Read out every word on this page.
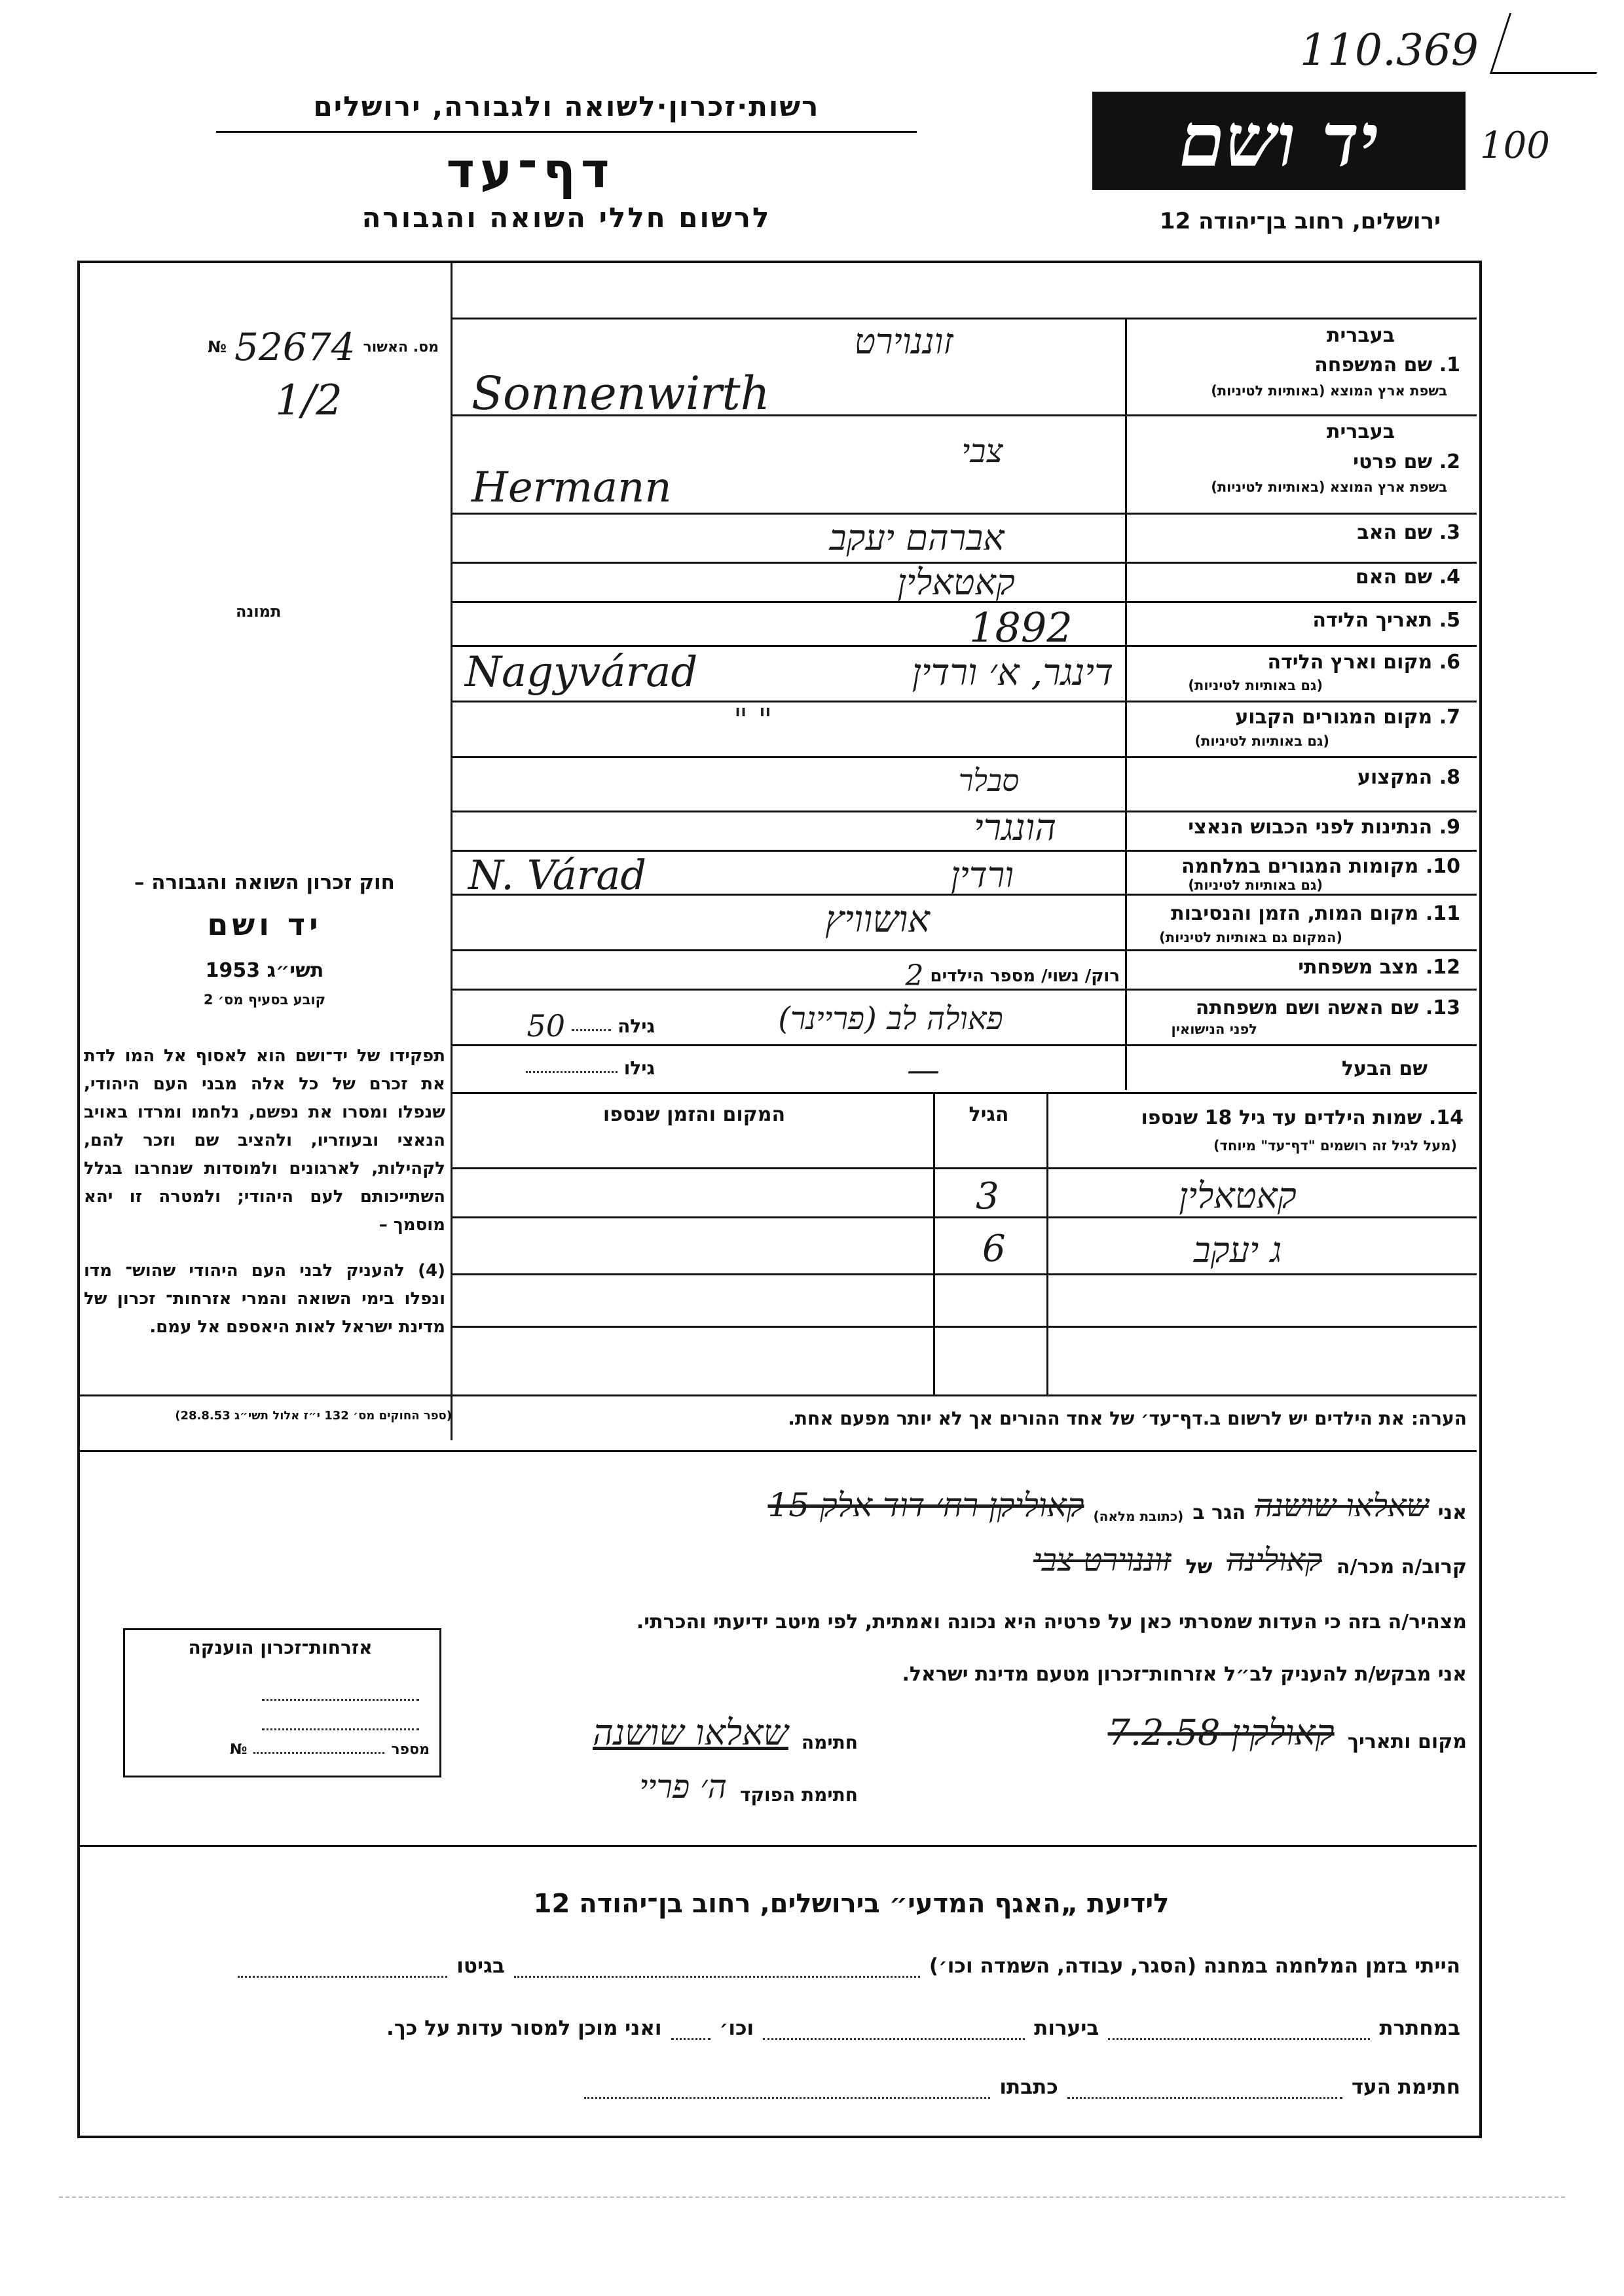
110.369
100
רשות·זכרון·לשואה ולגבורה, ירושלים
דף־עד
לרשום חללי השואה והגבורה
יד ושם
ירושלים, רחוב בן־יהודה 12
מס. האשור
52674
№
1/2
תמונה
חוק זכרון השואה והגבורה –
יד ושם
תשי״ג 1953
קובע בסעיף מס׳ 2
תפקידו של יד־ושם הוא לאסוף אל המו לדת את זכרם של כל אלה מבני העם היהודי, שנפלו ומסרו את נפשם, נלחמו ומרדו באויב הנאצי ובעוזריו, ולהציב שם וזכר להם, לקהילות, לארגונים ולמוסדות שנחרבו בגלל השתייכותם לעם היהודי; ולמטרה זו יהא מוסמך –
(4) להעניק לבני העם היהודי שהוש־ מדו ונפלו בימי השואה והמרי אזרחות־ זכרון של מדינת ישראל לאות היאספם אל עמם.
(ספר החוקים מס׳ 132 י״ז אלול תשי״ג 28.8.53)
בעברית
1. שם המשפחה
בשפת ארץ המוצא (באותיות לטיניות)
זוננוירט
Sonnenwirth
בעברית
2. שם פרטי
בשפת ארץ המוצא (באותיות לטיניות)
צבי
Hermann
3. שם האב
אברהם יעקב
4. שם האם
קאטאלין
5. תאריך הלידה
1892
6. מקום וארץ הלידה
(גם באותיות לטיניות)
Nagyvárad	דינגר, א׳ ורדין
7. מקום המגורים הקבוע
(גם באותיות לטיניות)
" "
8. המקצוע
סבלר
9. הנתינות לפני הכבוש הנאצי
הונגרי
10. מקומות המגורים במלחמה
(גם באותיות לטיניות)
N. Várad	ורדין
11. מקום המות, הזמן והנסיבות
(המקום גם באותיות לטיניות)
אושוויץ
12. מצב משפחתי
רוק/ נשוי/ מספר הילדים
2
13. שם האשה ושם משפחתה
לפני הנישואין
פאולה לב (פריינר)
גילה
50
שם הבעל
—
גילו
14. שמות הילדים עד גיל 18 שנספו
(מעל לגיל זה רושמים "דף־עד" מיוחד)
הגיל
המקום והזמן שנספו
קאטאלין
3
ג יעקב
6
הערה: את הילדים יש לרשום ב.דף־עד׳ של אחד ההורים אך לא יותר מפעם אחת.
אני
שאלאו שושנה
הגר ב
(כתובת מלאה)
קאוליקן רח׳ דוד אלק 15
קרוב/ה מכר/ה
קאולינה
של
זוננוירט צבי
מצהיר/ה בזה כי העדות שמסרתי כאן על פרטיה היא נכונה ואמתית, לפי מיטב ידיעתי והכרתי.
אני מבקש/ת להעניק לב״ל אזרחות־זכרון מטעם מדינת ישראל.
מקום ותאריך
קאולקין 7.2.58
חתימה
שאלאו שושנה
חתימת הפוקד
ה׳ פריי
אזרחות־זכרון הוענקה
מספר
№
לידיעת „האגף המדעי״ בירושלים, רחוב בן־יהודה 12
הייתי בזמן המלחמה במחנה (הסגר, עבודה, השמדה וכו׳)
בגיטו
במחתרת
ביערות
וכו׳
ואני מוכן למסור עדות על כך.
חתימת העד
כתבתו
